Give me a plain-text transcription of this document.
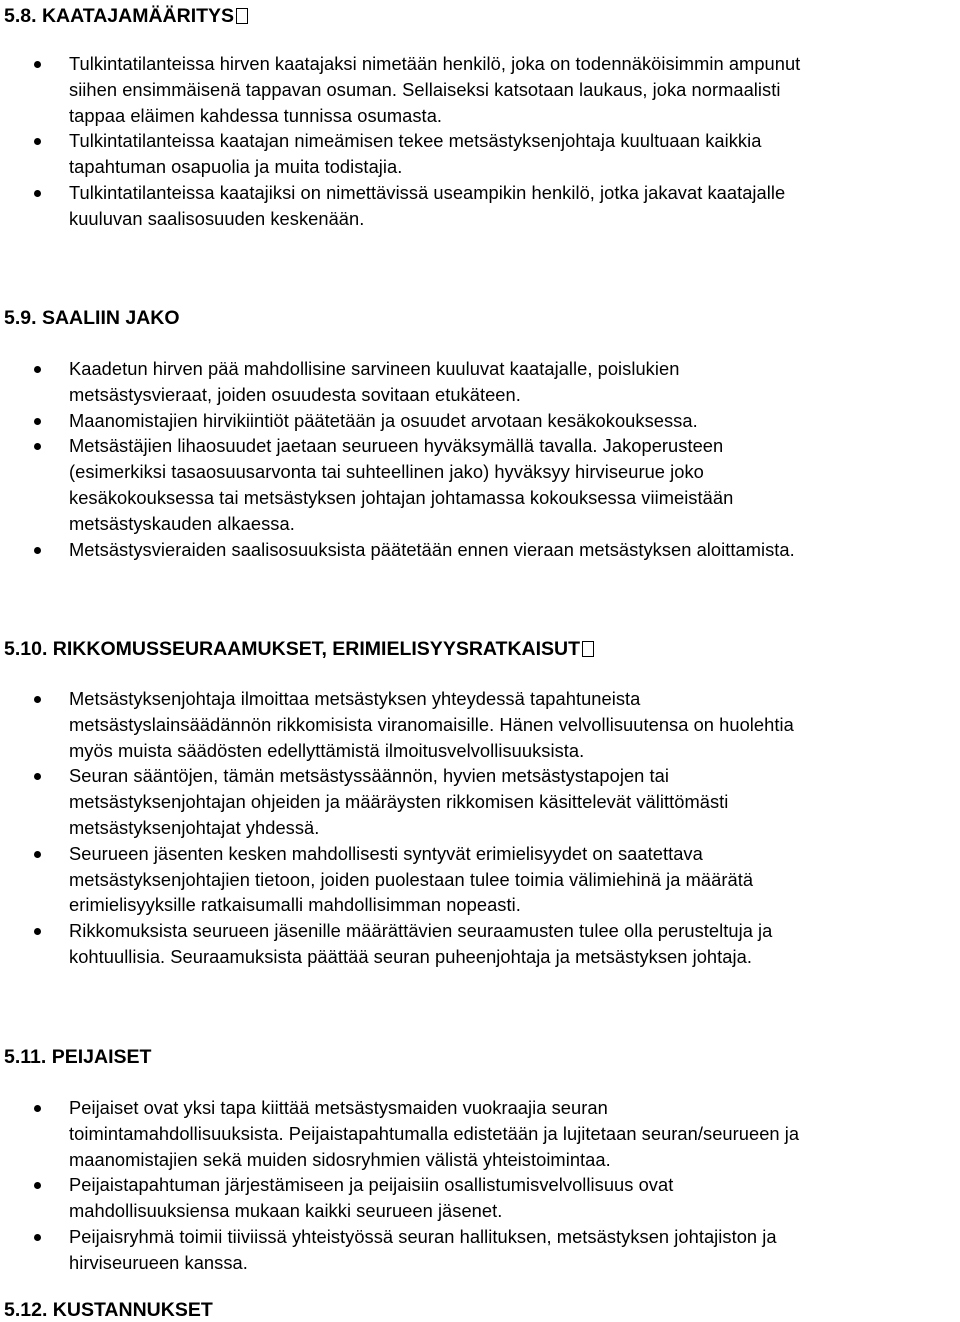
5.8. KAATAJAMÄÄRITYS
Tulkintatilanteissa hirven kaatajaksi nimetään henkilö, joka on todennäköisimmin ampunut
siihen ensimmäisenä tappavan osuman. Sellaiseksi katsotaan laukaus, joka normaalisti
tappaa eläimen kahdessa tunnissa osumasta.
Tulkintatilanteissa kaatajan nimeämisen tekee metsästyksenjohtaja kuultuaan kaikkia
tapahtuman osapuolia ja muita todistajia.
Tulkintatilanteissa kaatajiksi on nimettävissä useampikin henkilö, jotka jakavat kaatajalle
kuuluvan saalisosuuden keskenään.
5.9. SAALIIN JAKO
Kaadetun hirven pää mahdollisine sarvineen kuuluvat kaatajalle, poislukien
metsästysvieraat, joiden osuudesta sovitaan etukäteen.
Maanomistajien hirvikiintiöt päätetään ja osuudet arvotaan kesäkokouksessa.
Metsästäjien lihaosuudet jaetaan seurueen hyväksymällä tavalla. Jakoperusteen
(esimerkiksi tasaosuusarvonta tai suhteellinen jako) hyväksyy hirviseurue joko
kesäkokouksessa tai metsästyksen johtajan johtamassa kokouksessa viimeistään
metsästyskauden alkaessa.
Metsästysvieraiden saalisosuuksista päätetään ennen vieraan metsästyksen aloittamista.
5.10. RIKKOMUSSEURAAMUKSET, ERIMIELISYYSRATKAISUT
Metsästyksenjohtaja ilmoittaa metsästyksen yhteydessä tapahtuneista
metsästyslainsäädännön rikkomisista viranomaisille. Hänen velvollisuutensa on huolehtia
myös muista säädösten edellyttämistä ilmoitusvelvollisuuksista.
Seuran sääntöjen, tämän metsästyssäännön, hyvien metsästystapojen tai
metsästyksenjohtajan ohjeiden ja määräysten rikkomisen käsittelevät välittömästi
metsästyksenjohtajat yhdessä.
Seurueen jäsenten kesken mahdollisesti syntyvät erimielisyydet on saatettava
metsästyksenjohtajien tietoon, joiden puolestaan tulee toimia välimiehinä ja määrätä
erimielisyyksille ratkaisumalli mahdollisimman nopeasti.
Rikkomuksista seurueen jäsenille määrättävien seuraamusten tulee olla perusteltuja ja
kohtuullisia. Seuraamuksista päättää seuran puheenjohtaja ja metsästyksen johtaja.
5.11. PEIJAISET
Peijaiset ovat yksi tapa kiittää metsästysmaiden vuokraajia seuran
toimintamahdollisuuksista. Peijaistapahtumalla edistetään ja lujitetaan seuran/seurueen ja
maanomistajien sekä muiden sidosryhmien välistä yhteistoimintaa.
Peijaistapahtuman järjestämiseen ja peijaisiin osallistumisvelvollisuus ovat
mahdollisuuksiensa mukaan kaikki seurueen jäsenet.
Peijaisryhmä toimii tiiviissä yhteistyössä seuran hallituksen, metsästyksen johtajiston ja
hirviseurueen kanssa.
5.12. KUSTANNUKSET
